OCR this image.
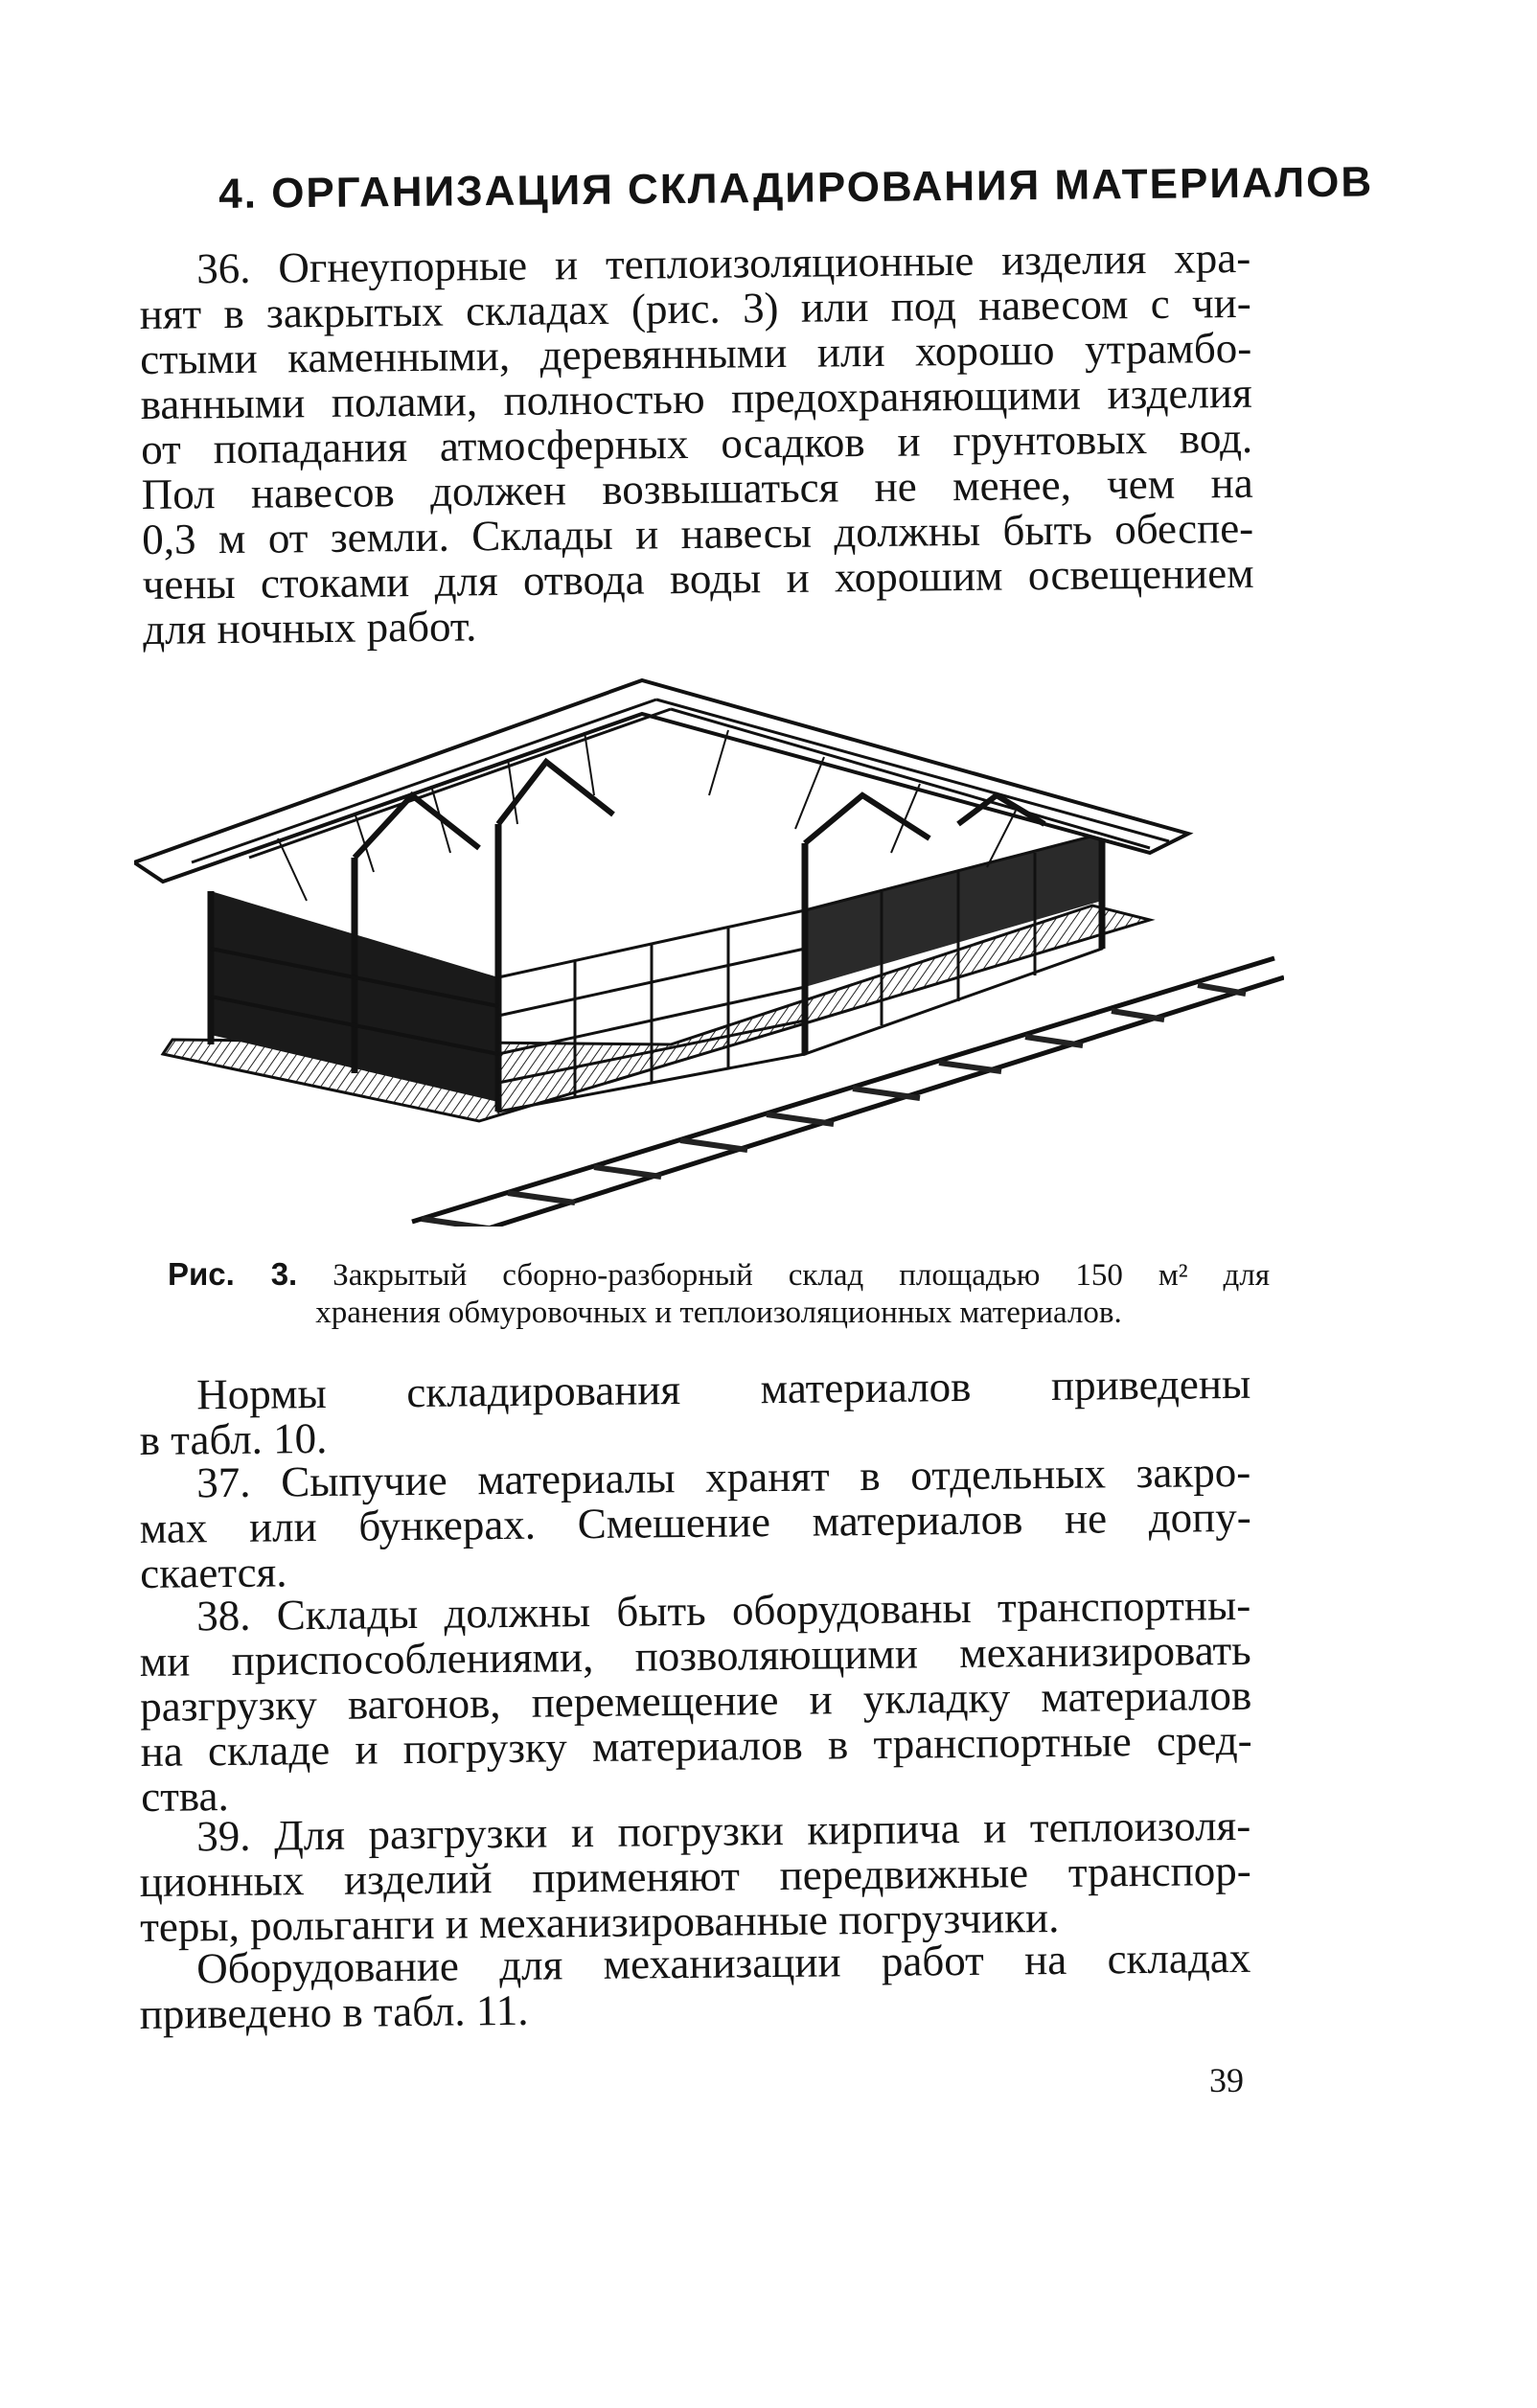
4. ОРГАНИЗАЦИЯ СКЛАДИРОВАНИЯ МАТЕРИАЛОВ

36. Огнеупорные и теплоизоляционные изделия хра-
нят в закрытых складах (рис. 3) или под навесом с чи-
стыми каменными, деревянными или хорошо утрамбо-
ванными полами, полностью предохраняющими изделия
от попадания атмосферных осадков и грунтовых вод.
Пол навесов должен возвышаться не менее, чем на
0,3 м от земли. Склады и навесы должны быть обеспе-
чены стоками для отвода воды и хорошим освещением
для ночных работ.

Рис. 3. Закрытый сборно-разборный склад площадью 150 м² для
хранения обмуровочных и теплоизоляционных материалов.

Нормы складирования материалов приведены
в табл. 10.

37. Сыпучие материалы хранят в отдельных закро-
мах или бункерах. Смешение материалов не допу-
скается.

38. Склады должны быть оборудованы транспортны-
ми приспособлениями, позволяющими механизировать
разгрузку вагонов, перемещение и укладку материалов
на складе и погрузку материалов в транспортные сред-
ства.

39. Для разгрузки и погрузки кирпича и теплоизоля-
ционных изделий применяют передвижные транспор-
теры, рольганги и механизированные погрузчики.

Оборудование для механизации работ на складах
приведено в табл. 11.

39
